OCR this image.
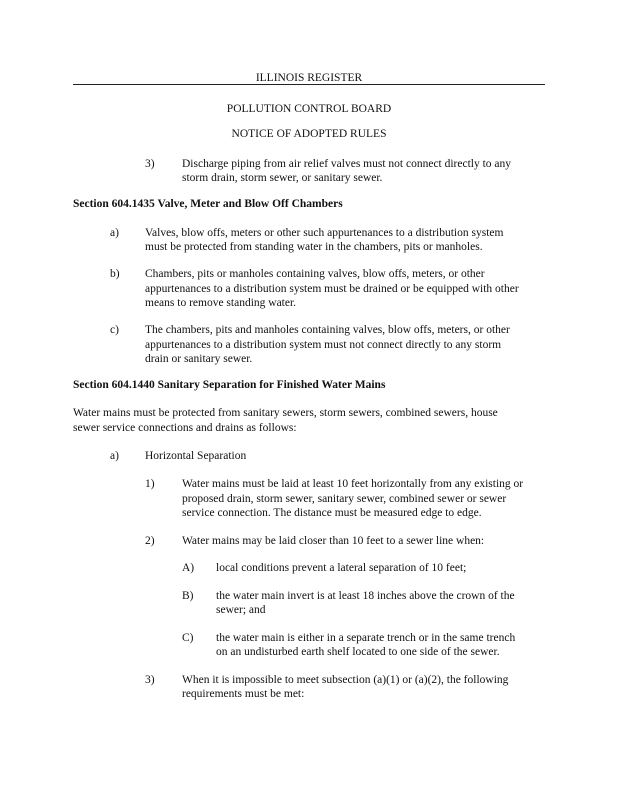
ILLINOIS REGISTER
POLLUTION CONTROL BOARD
NOTICE OF ADOPTED RULES
3) Discharge piping from air relief valves must not connect directly to any
storm drain, storm sewer, or sanitary sewer.
Section 604.1435 Valve, Meter and Blow Off Chambers
a) Valves, blow offs, meters or other such appurtenances to a distribution system
must be protected from standing water in the chambers, pits or manholes.
b) Chambers, pits or manholes containing valves, blow offs, meters, or other
appurtenances to a distribution system must be drained or be equipped with other
means to remove standing water.
c) The chambers, pits and manholes containing valves, blow offs, meters, or other
appurtenances to a distribution system must not connect directly to any storm
drain or sanitary sewer.
Section 604.1440 Sanitary Separation for Finished Water Mains
Water mains must be protected from sanitary sewers, storm sewers, combined sewers, house
sewer service connections and drains as follows:
a) Horizontal Separation
1) Water mains must be laid at least 10 feet horizontally from any existing or
proposed drain, storm sewer, sanitary sewer, combined sewer or sewer
service connection. The distance must be measured edge to edge.
2) Water mains may be laid closer than 10 feet to a sewer line when:
A) local conditions prevent a lateral separation of 10 feet;
B) the water main invert is at least 18 inches above the crown of the
sewer; and
C) the water main is either in a separate trench or in the same trench
on an undisturbed earth shelf located to one side of the sewer.
3) When it is impossible to meet subsection (a)(1) or (a)(2), the following
requirements must be met:
